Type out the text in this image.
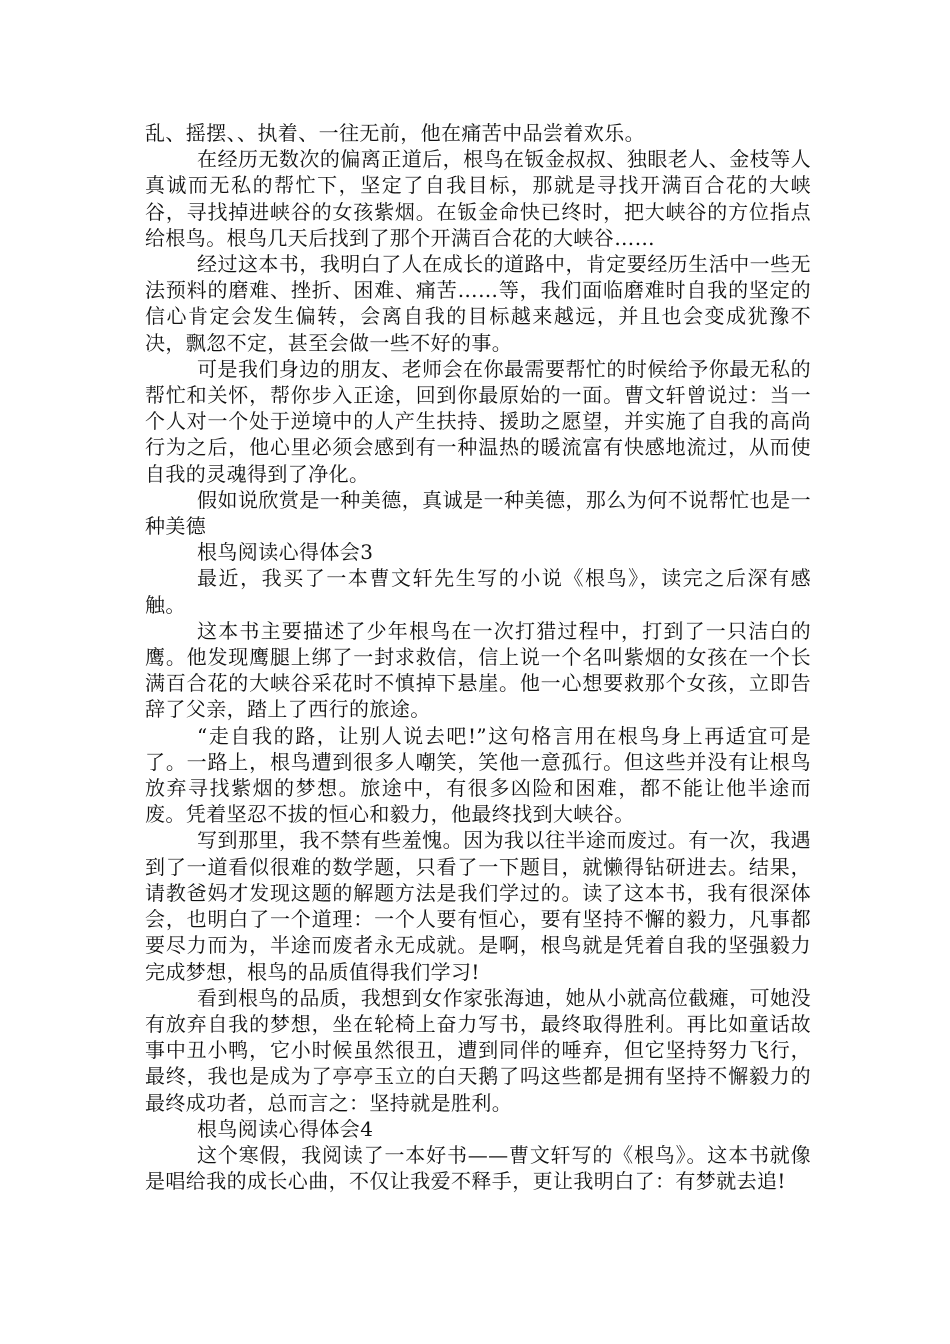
乱、摇摆、、执着、一往无前，他在痛苦中品尝着欢乐。

在经历无数次的偏离正道后，根鸟在钣金叔叔、独眼老人、金枝等人真诚而无私的帮忙下，坚定了自我目标，那就是寻找开满百合花的大峡谷，寻找掉进峡谷的女孩紫烟。在钣金命快已终时，把大峡谷的方位指点给根鸟。根鸟几天后找到了那个开满百合花的大峡谷……

经过这本书，我明白了人在成长的道路中，肯定要经历生活中一些无法预料的磨难、挫折、困难、痛苦……等，我们面临磨难时自我的坚定的信心肯定会发生偏转，会离自我的目标越来越远，并且也会变成犹豫不决，飘忽不定，甚至会做一些不好的事。

可是我们身边的朋友、老师会在你最需要帮忙的时候给予你最无私的帮忙和关怀，帮你步入正途，回到你最原始的一面。曹文轩曾说过：当一个人对一个处于逆境中的人产生扶持、援助之愿望，并实施了自我的高尚行为之后，他心里必须会感到有一种温热的暖流富有快感地流过，从而使自我的灵魂得到了净化。

假如说欣赏是一种美德，真诚是一种美德，那么为何不说帮忙也是一种美德

根鸟阅读心得体会3

最近，我买了一本曹文轩先生写的小说《根鸟》，读完之后深有感触。

这本书主要描述了少年根鸟在一次打猎过程中，打到了一只洁白的鹰。他发现鹰腿上绑了一封求救信，信上说一个名叫紫烟的女孩在一个长满百合花的大峡谷采花时不慎掉下悬崖。他一心想要救那个女孩，立即告辞了父亲，踏上了西行的旅途。

“走自我的路，让别人说去吧!”这句格言用在根鸟身上再适宜可是了。一路上，根鸟遭到很多人嘲笑，笑他一意孤行。但这些并没有让根鸟放弃寻找紫烟的梦想。旅途中，有很多凶险和困难，都不能让他半途而废。凭着坚忍不拔的恒心和毅力，他最终找到大峡谷。

写到那里，我不禁有些羞愧。因为我以往半途而废过。有一次，我遇到了一道看似很难的数学题，只看了一下题目，就懒得钻研进去。结果，请教爸妈才发现这题的解题方法是我们学过的。读了这本书，我有很深体会，也明白了一个道理：一个人要有恒心，要有坚持不懈的毅力，凡事都要尽力而为，半途而废者永无成就。是啊，根鸟就是凭着自我的坚强毅力完成梦想，根鸟的品质值得我们学习!

看到根鸟的品质，我想到女作家张海迪，她从小就高位截瘫，可她没有放弃自我的梦想，坐在轮椅上奋力写书，最终取得胜利。再比如童话故事中丑小鸭，它小时候虽然很丑，遭到同伴的唾弃，但它坚持努力飞行，最终，我也是成为了亭亭玉立的白天鹅了吗这些都是拥有坚持不懈毅力的最终成功者，总而言之：坚持就是胜利。

根鸟阅读心得体会4

这个寒假，我阅读了一本好书——曹文轩写的《根鸟》。这本书就像是唱给我的成长心曲，不仅让我爱不释手，更让我明白了：有梦就去追!
